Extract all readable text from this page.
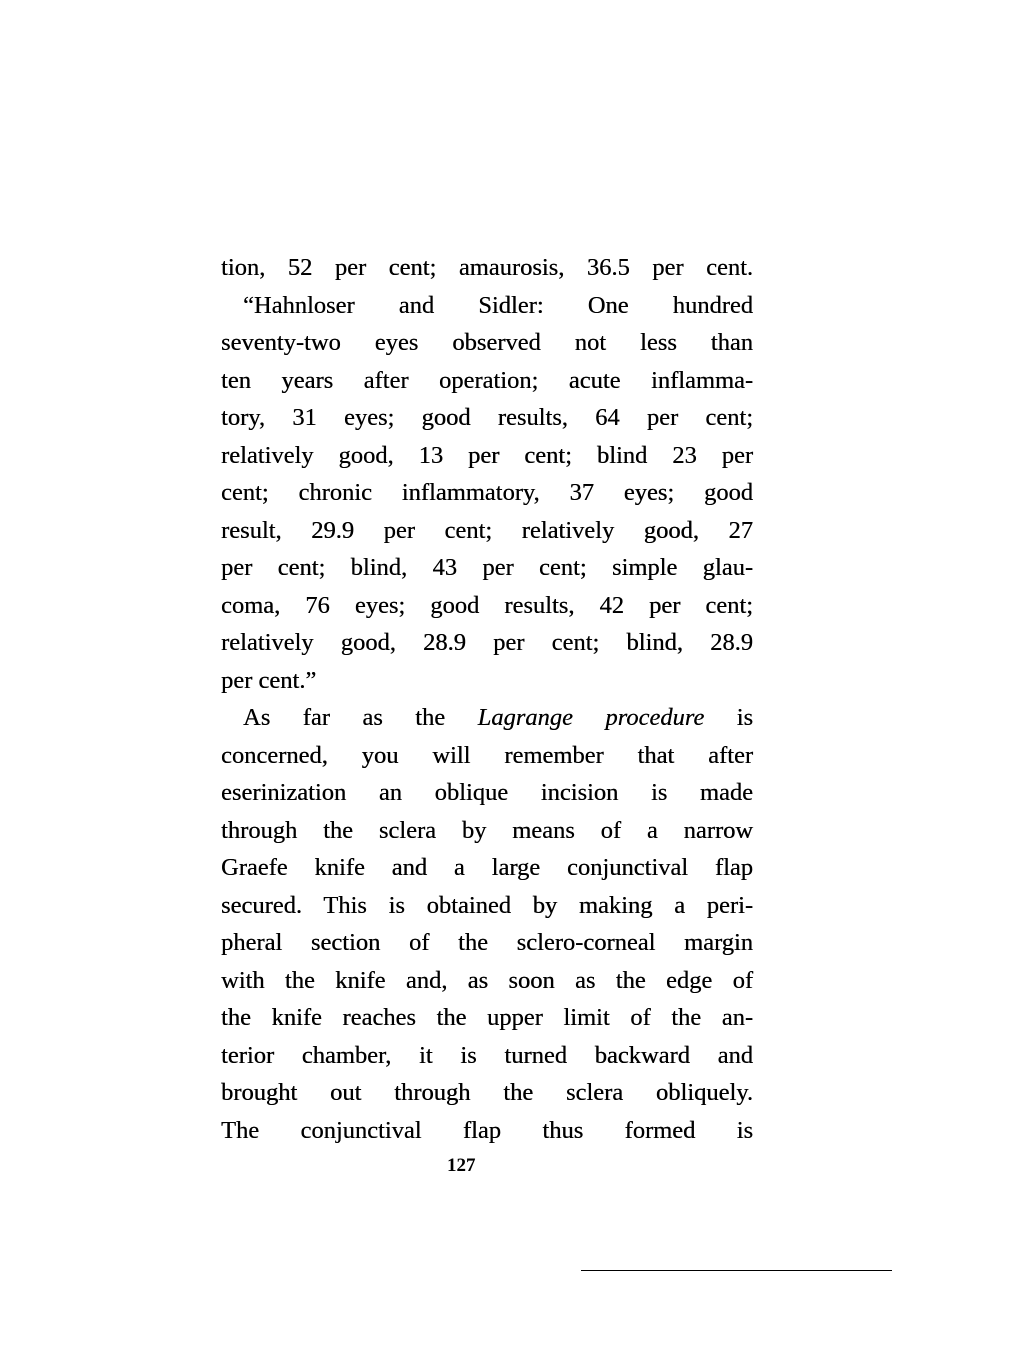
tion, 52 per cent; amaurosis, 36.5 per cent.
“Hahnloser and Sidler: One hundred
seventy-two eyes observed not less than
ten years after operation; acute inflamma-
tory, 31 eyes; good results, 64 per cent;
relatively good, 13 per cent; blind 23 per
cent; chronic inflammatory, 37 eyes; good
result, 29.9 per cent; relatively good, 27
per cent; blind, 43 per cent; simple glau-
coma, 76 eyes; good results, 42 per cent;
relatively good, 28.9 per cent; blind, 28.9
per cent.”
As far as the Lagrange procedure is
concerned, you will remember that after
eserinization an oblique incision is made
through the sclera by means of a narrow
Graefe knife and a large conjunctival flap
secured. This is obtained by making a peri-
pheral section of the sclero-corneal margin
with the knife and, as soon as the edge of
the knife reaches the upper limit of the an-
terior chamber, it is turned backward and
brought out through the sclera obliquely.
The conjunctival flap thus formed is
127
